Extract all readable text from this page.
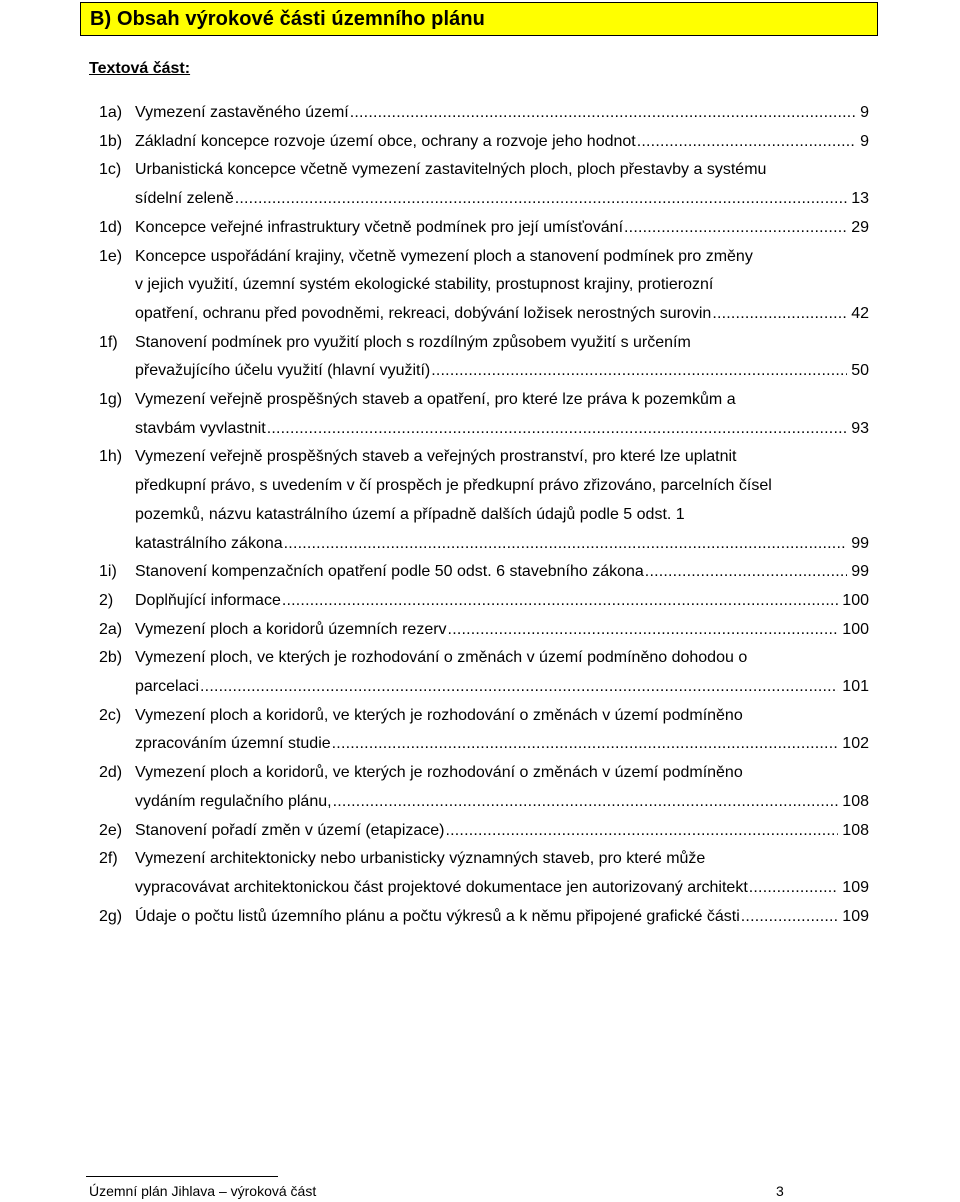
B) Obsah výrokové části územního plánu
Textová část:
1a) Vymezení zastavěného území .....	9
1b) Základní koncepce rozvoje území obce, ochrany a rozvoje jeho hodnot .....	9
1c) Urbanistická koncepce včetně vymezení zastavitelných ploch, ploch přestavby a systému
sídelní zeleně .....	13
1d) Koncepce veřejné infrastruktury včetně podmínek pro její umísťování .....	29
1e) Koncepce uspořádání krajiny, včetně vymezení ploch a stanovení podmínek pro změny
v jejich využití, územní systém ekologické stability, prostupnost krajiny, protierozní
opatření, ochranu před povodněmi, rekreaci, dobývání ložisek nerostných surovin .....	42
1f) Stanovení podmínek pro využití ploch s rozdílným způsobem využití s určením
převažujícího účelu využití (hlavní využití) .....	50
1g) Vymezení veřejně prospěšných staveb a opatření, pro které lze práva k pozemkům a
stavbám vyvlastnit .....	93
1h) Vymezení veřejně prospěšných staveb a veřejných prostranství, pro které lze uplatnit
předkupní právo, s uvedením v čí prospěch je předkupní právo zřizováno, parcelních čísel
pozemků, názvu katastrálního území a případně dalších údajů podle 5 odst. 1
katastrálního zákona .....	99
1i) Stanovení kompenzačních opatření podle 50 odst. 6 stavebního zákona .....	99
2) Doplňující informace .....	100
2a) Vymezení ploch a koridorů územních rezerv .....	100
2b) Vymezení ploch, ve kterých je rozhodování o změnách v území podmíněno dohodou o
parcelaci .....	101
2c) Vymezení ploch a koridorů, ve kterých je rozhodování o změnách v území podmíněno
zpracováním územní studie .....	102
2d) Vymezení ploch a koridorů, ve kterých je rozhodování o změnách v území podmíněno
vydáním regulačního plánu, .....	108
2e) Stanovení pořadí změn v území (etapizace) .....	108
2f) Vymezení architektonicky nebo urbanisticky významných staveb, pro které může
vypracovávat architektonickou část projektové dokumentace jen autorizovaný architekt .....	109
2g) Údaje o počtu listů územního plánu a počtu výkresů a k němu připojené grafické části .....	109
Územní plán Jihlava – výroková část	3
